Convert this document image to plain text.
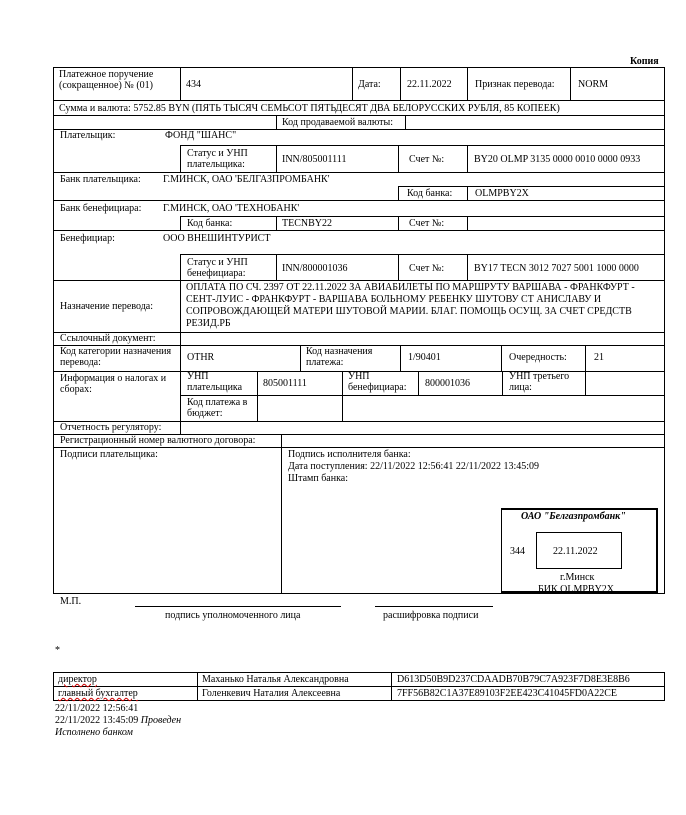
Копия
Платежное поручение (сокращенное) № (01)	434	Дата:	22.11.2022 Признак перевода: NORM
Сумма и валюта: 5752.85 BYN (ПЯТЬ ТЫСЯЧ СЕМЬСОТ ПЯТЬДЕСЯТ ДВА БЕЛОРУССКИХ РУБЛЯ, 85 КОПЕЕК)
Код продаваемой валюты:
Плательщик:	ФОНД "ШАНС"
Статус и УНП плательщика:	INN/805001111	Счет №:	BY20 OLMP 3135 0000 0010 0000 0933
Банк плательщика: Г.МИНСК, ОАО 'БЕЛГАЗПРОМБАНК'
Код банка: OLMPBY2X
Банк бенефициара: Г.МИНСК, ОАО 'ТЕХНОБАНК'
Код банка:	TECNBY22	Счет №:
Бенефициар:	ООО ВНЕШИНТУРИСТ
Статус и УНП бенефициара:	INN/800001036	Счет №:	BY17 TECN 3012 7027 5001 1000 0000
Назначение перевода:
ОПЛАТА ПО СЧ. 2397 ОТ 22.11.2022 ЗА АВИАБИЛЕТЫ ПО МАРШРУТУ ВАРШАВА - ФРАНКФУРТ - СЕНТ-ЛУИС - ФРАНКФУРТ - ВАРШАВА БОЛЬНОМУ РЕБЕНКУ ШУТОВУ СТ АНИСЛАВУ И СОПРОВОЖДАЮЩЕЙ МАТЕРИ ШУТОВОЙ МАРИИ. БЛАГ. ПОМОЩЬ ОСУЩ. ЗА СЧЕТ СРЕДСТВ РЕЗИД.РБ
Ссылочный документ:
Код категории назначения перевода:	OTHR
Код назначения платежа:	1/90401	Очередность:	21
Информация о налогах и сборах:
УНП плательщика	805001111
УНП бенефициара:	800001036
УНП третьего лица:
Код платежа в бюджет:
Отчетность регулятору:
Регистрационный номер валютного договора:
Подписи плательщика:	Подпись исполнителя банка:
Дата поступления: 22/11/2022 12:56:41 22/11/2022 13:45:09
Штамп банка:
ОАО "Белгазпромбанк"
344	22.11.2022
г.Минск
БИК OLMPBY2X
М.П.
подпись уполномоченного лица	расшифровка подписи
*
директор	Маханько Наталья Александровна	D613D50B9D237CDAADB70B79C7A923F7D8E3E8B6
главный бухгалтер	Голенкевич Наталия Алексеевна	7FF56B82C1A37E89103F2EE423C41045FD0A22CE
22/11/2022 12:56:41
22/11/2022 13:45:09 Проведен
Исполнено банком
